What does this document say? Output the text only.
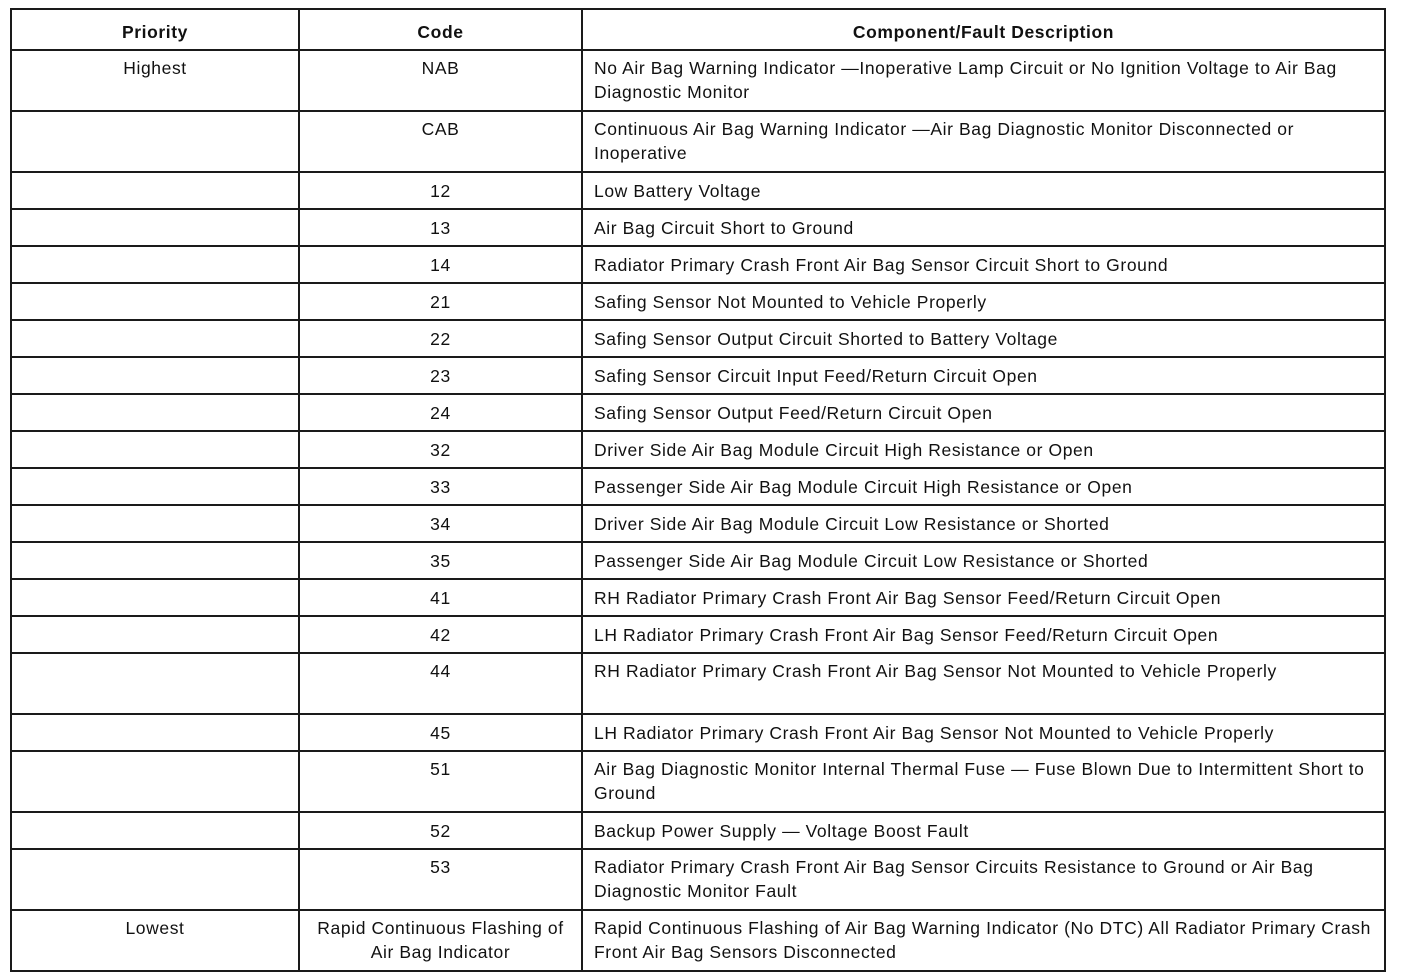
Priority	Code	Component/Fault Description
Highest	NAB	No Air Bag Warning Indicator —Inoperative Lamp Circuit or No Ignition Voltage to Air Bag Diagnostic Monitor
	CAB	Continuous Air Bag Warning Indicator —Air Bag Diagnostic Monitor Disconnected or Inoperative
	12	Low Battery Voltage
	13	Air Bag Circuit Short to Ground
	14	Radiator Primary Crash Front Air Bag Sensor Circuit Short to Ground
	21	Safing Sensor Not Mounted to Vehicle Properly
	22	Safing Sensor Output Circuit Shorted to Battery Voltage
	23	Safing Sensor Circuit Input Feed/Return Circuit Open
	24	Safing Sensor Output Feed/Return Circuit Open
	32	Driver Side Air Bag Module Circuit High Resistance or Open
	33	Passenger Side Air Bag Module Circuit High Resistance or Open
	34	Driver Side Air Bag Module Circuit Low Resistance or Shorted
	35	Passenger Side Air Bag Module Circuit Low Resistance or Shorted
	41	RH Radiator Primary Crash Front Air Bag Sensor Feed/Return Circuit Open
	42	LH Radiator Primary Crash Front Air Bag Sensor Feed/Return Circuit Open
	44	RH Radiator Primary Crash Front Air Bag Sensor Not Mounted to Vehicle Properly
	45	LH Radiator Primary Crash Front Air Bag Sensor Not Mounted to Vehicle Properly
	51	Air Bag Diagnostic Monitor Internal Thermal Fuse — Fuse Blown Due to Intermittent Short to Ground
	52	Backup Power Supply — Voltage Boost Fault
	53	Radiator Primary Crash Front Air Bag Sensor Circuits Resistance to Ground or Air Bag Diagnostic Monitor Fault
Lowest	Rapid Continuous Flashing of Air Bag Indicator	Rapid Continuous Flashing of Air Bag Warning Indicator (No DTC) All Radiator Primary Crash Front Air Bag Sensors Disconnected
